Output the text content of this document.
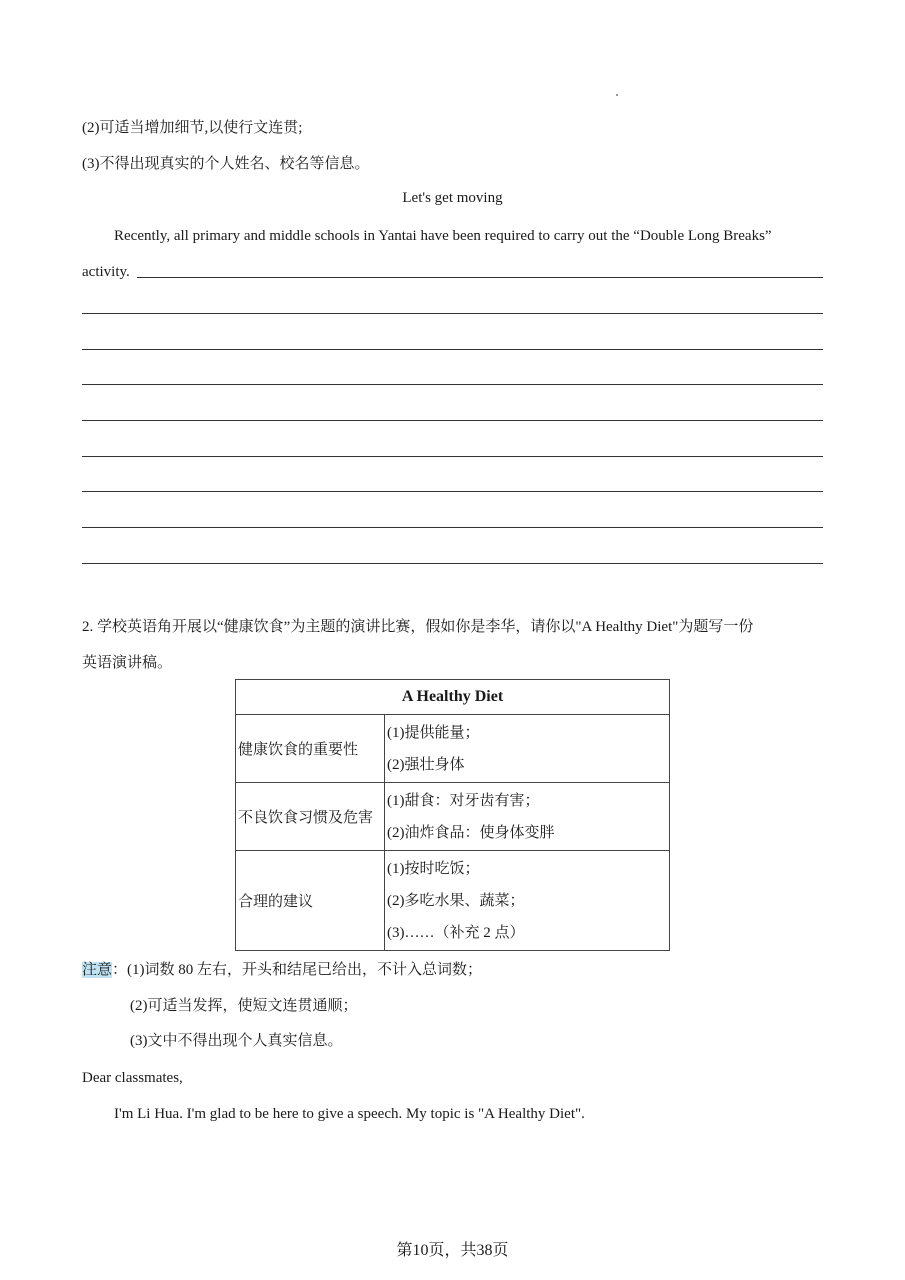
(2)可适当增加细节,以使行文连贯;
(3)不得出现真实的个人姓名、校名等信息。
Let's get moving
Recently, all primary and middle schools in Yantai have been required to carry out the “Double Long Breaks”
activity.
2. 学校英语角开展以“健康饮食”为主题的演讲比赛，假如你是李华，请你以"A Healthy Diet"为题写一份
英语演讲稿。
A Healthy Diet	
健康饮食的重要性	(1)提供能量；
(2)强壮身体

不良饮食习惯及危害	(1)甜食：对牙齿有害；
(2)油炸食品：使身体变胖

合理的建议	(1)按时吃饭；
(2)多吃水果、蔬菜；
(3)……（补充 2 点）
注意：(1)词数 80 左右，开头和结尾已给出，不计入总词数；
(2)可适当发挥，使短文连贯通顺；
(3)文中不得出现个人真实信息。
Dear classmates,
I'm Li Hua. I'm glad to be here to give a speech. My topic is "A Healthy Diet".
第10页，共38页
